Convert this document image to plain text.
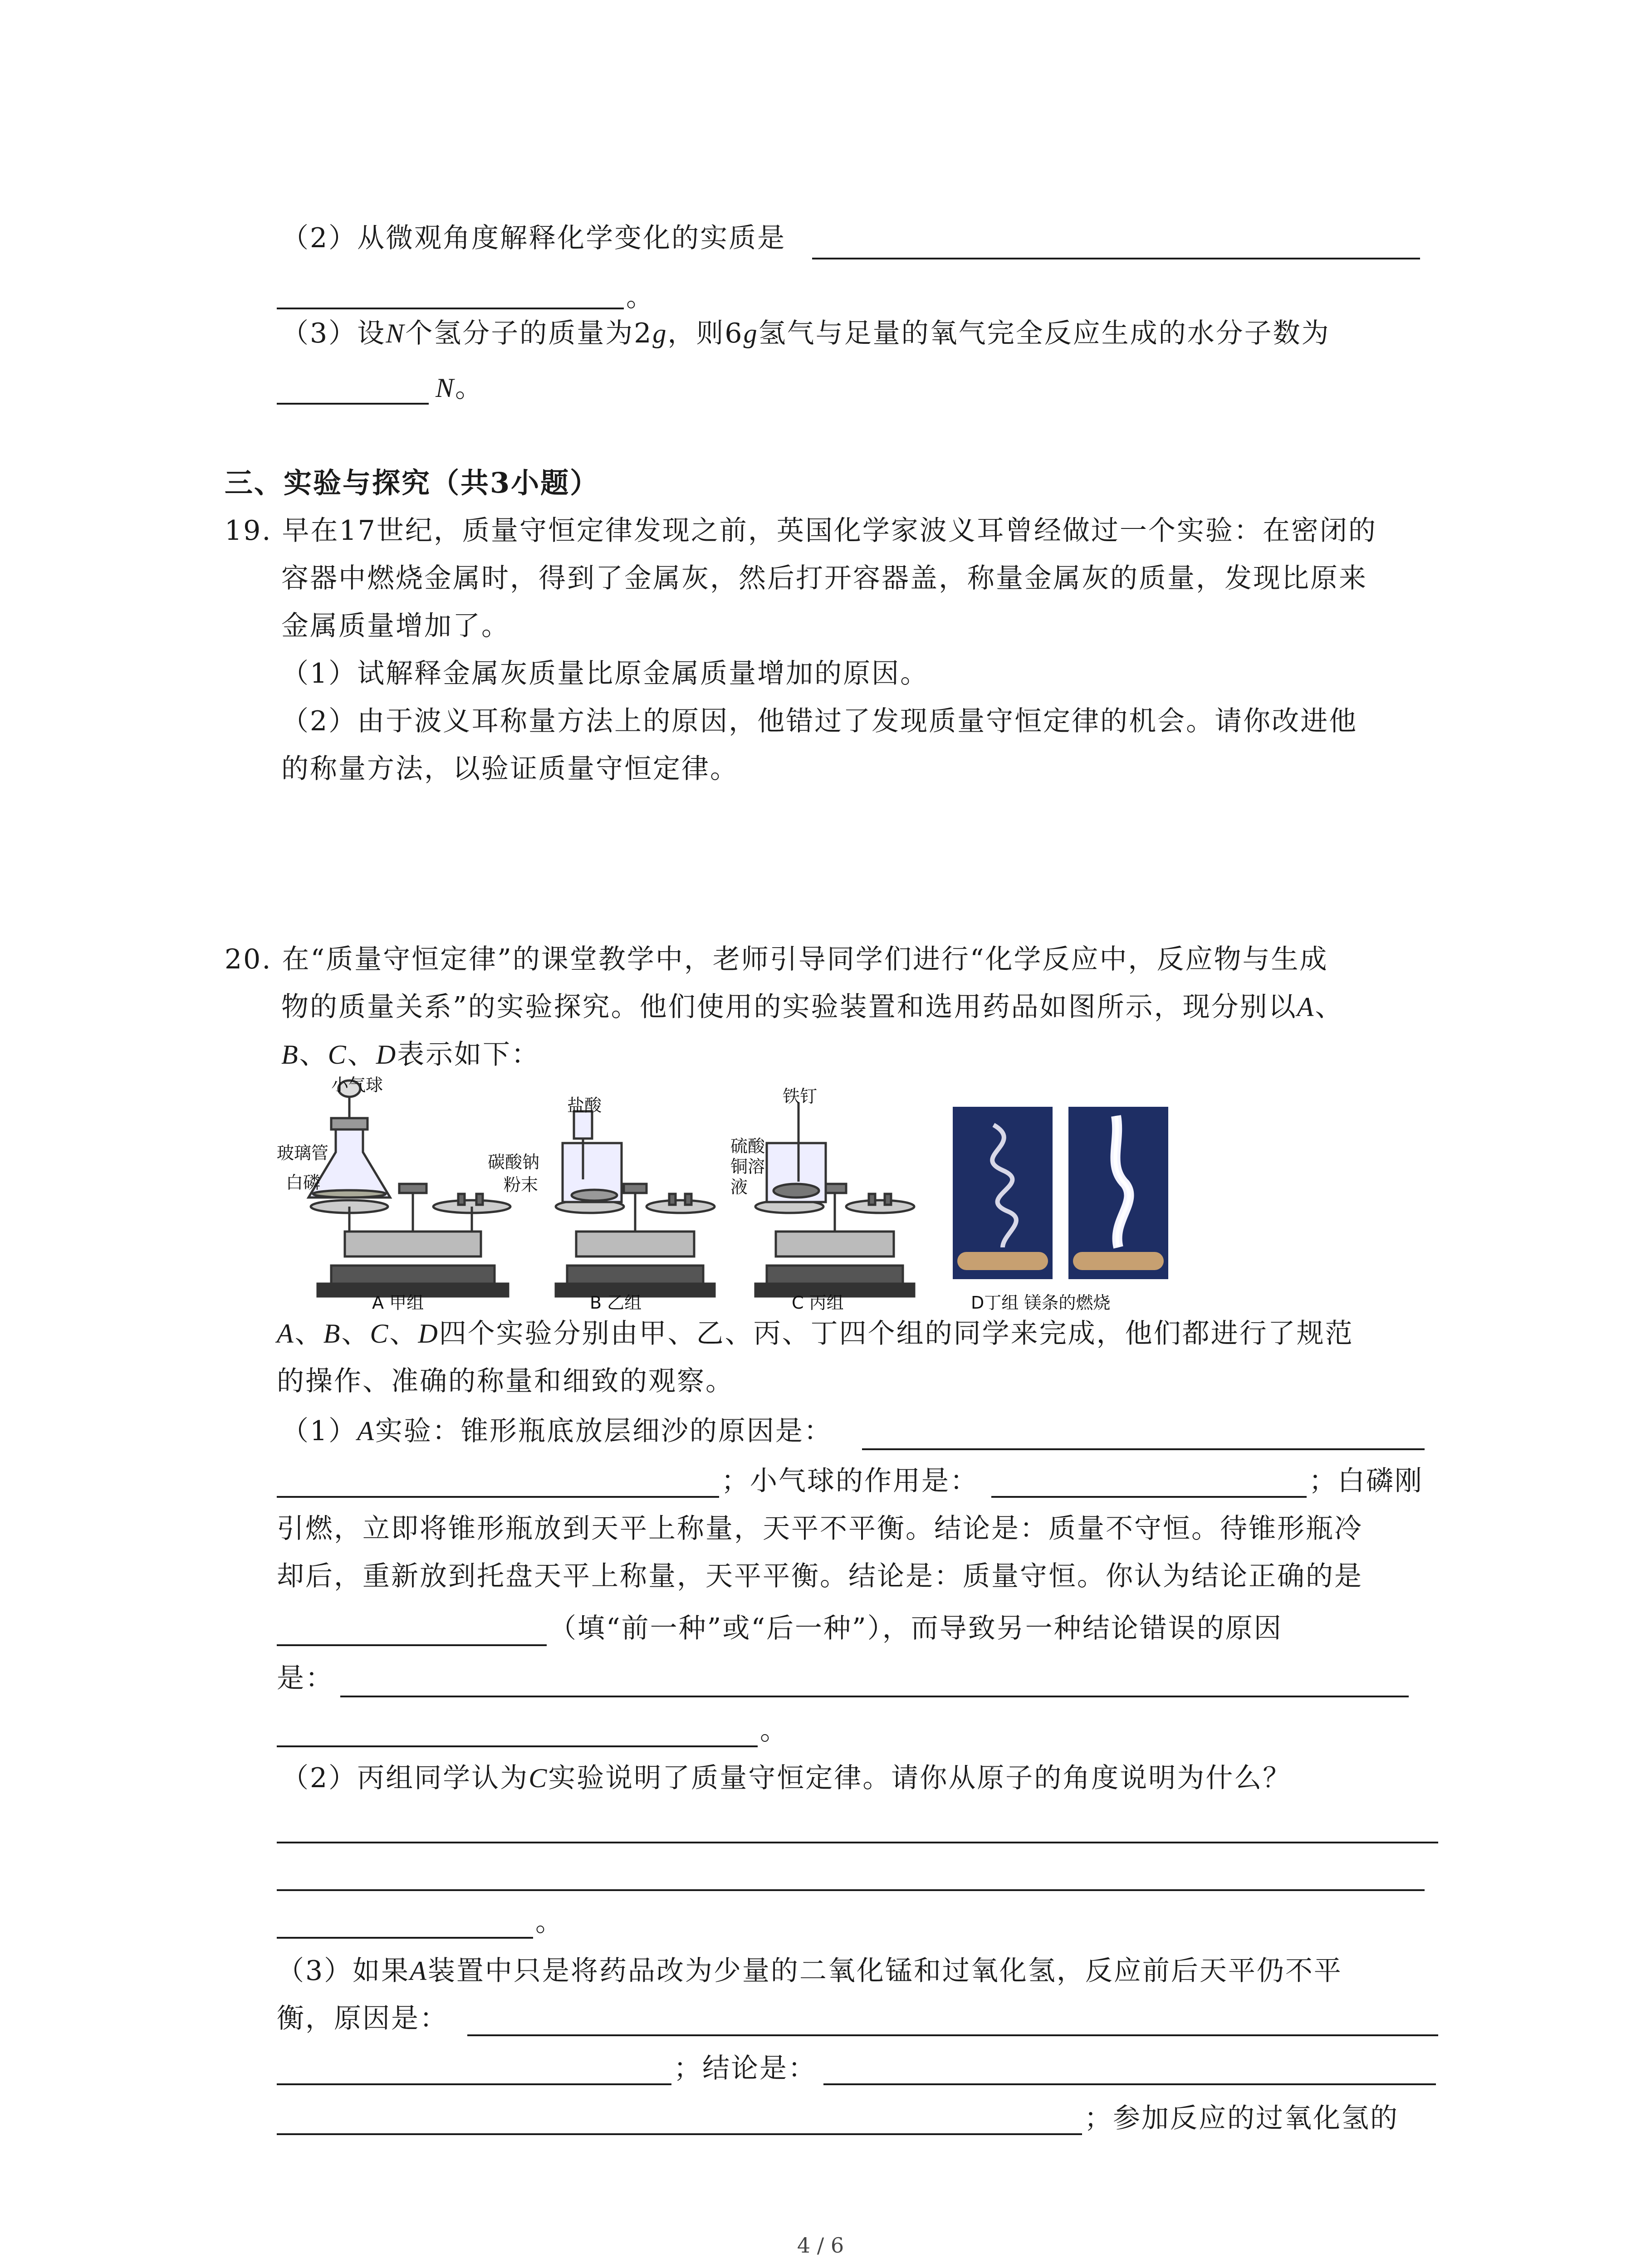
（2）从微观角度解释化学变化的实质是
。
（3）设N个氢分子的质量为2g，则6g氢气与足量的氧气完全反应生成的水分子数为
N。
三、实验与探究（共3小题）
19. 早在17世纪，质量守恒定律发现之前，英国化学家波义耳曾经做过一个实验：在密闭的
容器中燃烧金属时，得到了金属灰，然后打开容器盖，称量金属灰的质量，发现比原来
金属质量增加了。
（1）试解释金属灰质量比原金属质量增加的原因。
（2）由于波义耳称量方法上的原因，他错过了发现质量守恒定律的机会。请你改进他
的称量方法，以验证质量守恒定律。
20. 在“质量守恒定律”的课堂教学中，老师引导同学们进行“化学反应中，反应物与生成
物的质量关系”的实验探究。他们使用的实验装置和选用药品如图所示，现分别以A、
B、C、D表示如下：
小气球
玻璃管
白磷
盐酸
碳酸钠
粉末
铁钉
硫酸
铜溶
液
A 甲组	B 乙组	C 丙组	D丁组 镁条的燃烧
A、B、C、D四个实验分别由甲、乙、丙、丁四个组的同学来完成，他们都进行了规范
的操作、准确的称量和细致的观察。
（1）A实验：锥形瓶底放层细沙的原因是：
；小气球的作用是：	；白磷刚
引燃，立即将锥形瓶放到天平上称量，天平不平衡。结论是：质量不守恒。待锥形瓶冷
却后，重新放到托盘天平上称量，天平平衡。结论是：质量守恒。你认为结论正确的是
（填“前一种”或“后一种”），而导致另一种结论错误的原因
是：
。
（2）丙组同学认为C实验说明了质量守恒定律。请你从原子的角度说明为什么？
。
（3）如果A装置中只是将药品改为少量的二氧化锰和过氧化氢，反应前后天平仍不平
衡，原因是：
；结论是：
；参加反应的过氧化氢的
4 / 6
